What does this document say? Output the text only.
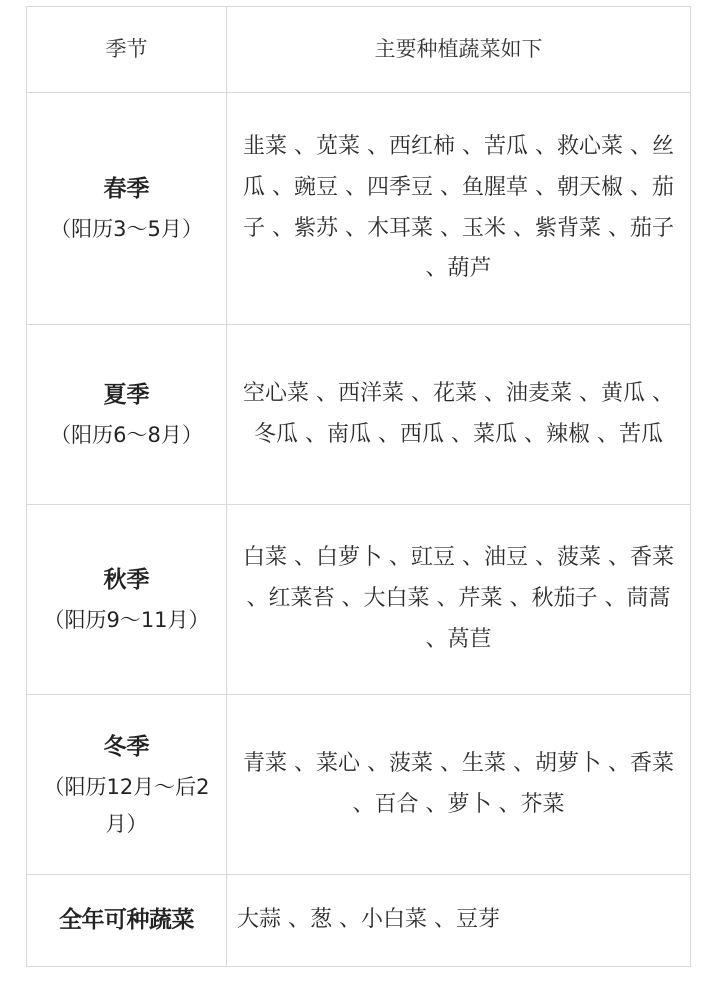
季节	主要种植蔬菜如下

春季
（阳历3～5月）	韭菜 、苋菜 、西红柿 、苦瓜 、救心菜 、丝瓜 、豌豆 、四季豆 、鱼腥草 、朝天椒 、茄子 、紫苏 、木耳菜 、玉米 、紫背菜 、茄子 、葫芦

夏季
（阳历6～8月）	空心菜 、西洋菜 、花菜 、油麦菜 、黄瓜 、冬瓜 、南瓜 、西瓜 、菜瓜 、辣椒 、苦瓜

秋季
（阳历9～11月）	白菜 、白萝卜 、豇豆 、油豆 、菠菜 、香菜 、红菜苔 、大白菜 、芹菜 、秋茄子 、茼蒿 、莴苣

冬季
（阳历12月～后2月）	青菜 、菜心 、菠菜 、生菜 、胡萝卜 、香菜 、百合 、萝卜 、芥菜

全年可种蔬菜	大蒜 、葱 、小白菜 、豆芽
